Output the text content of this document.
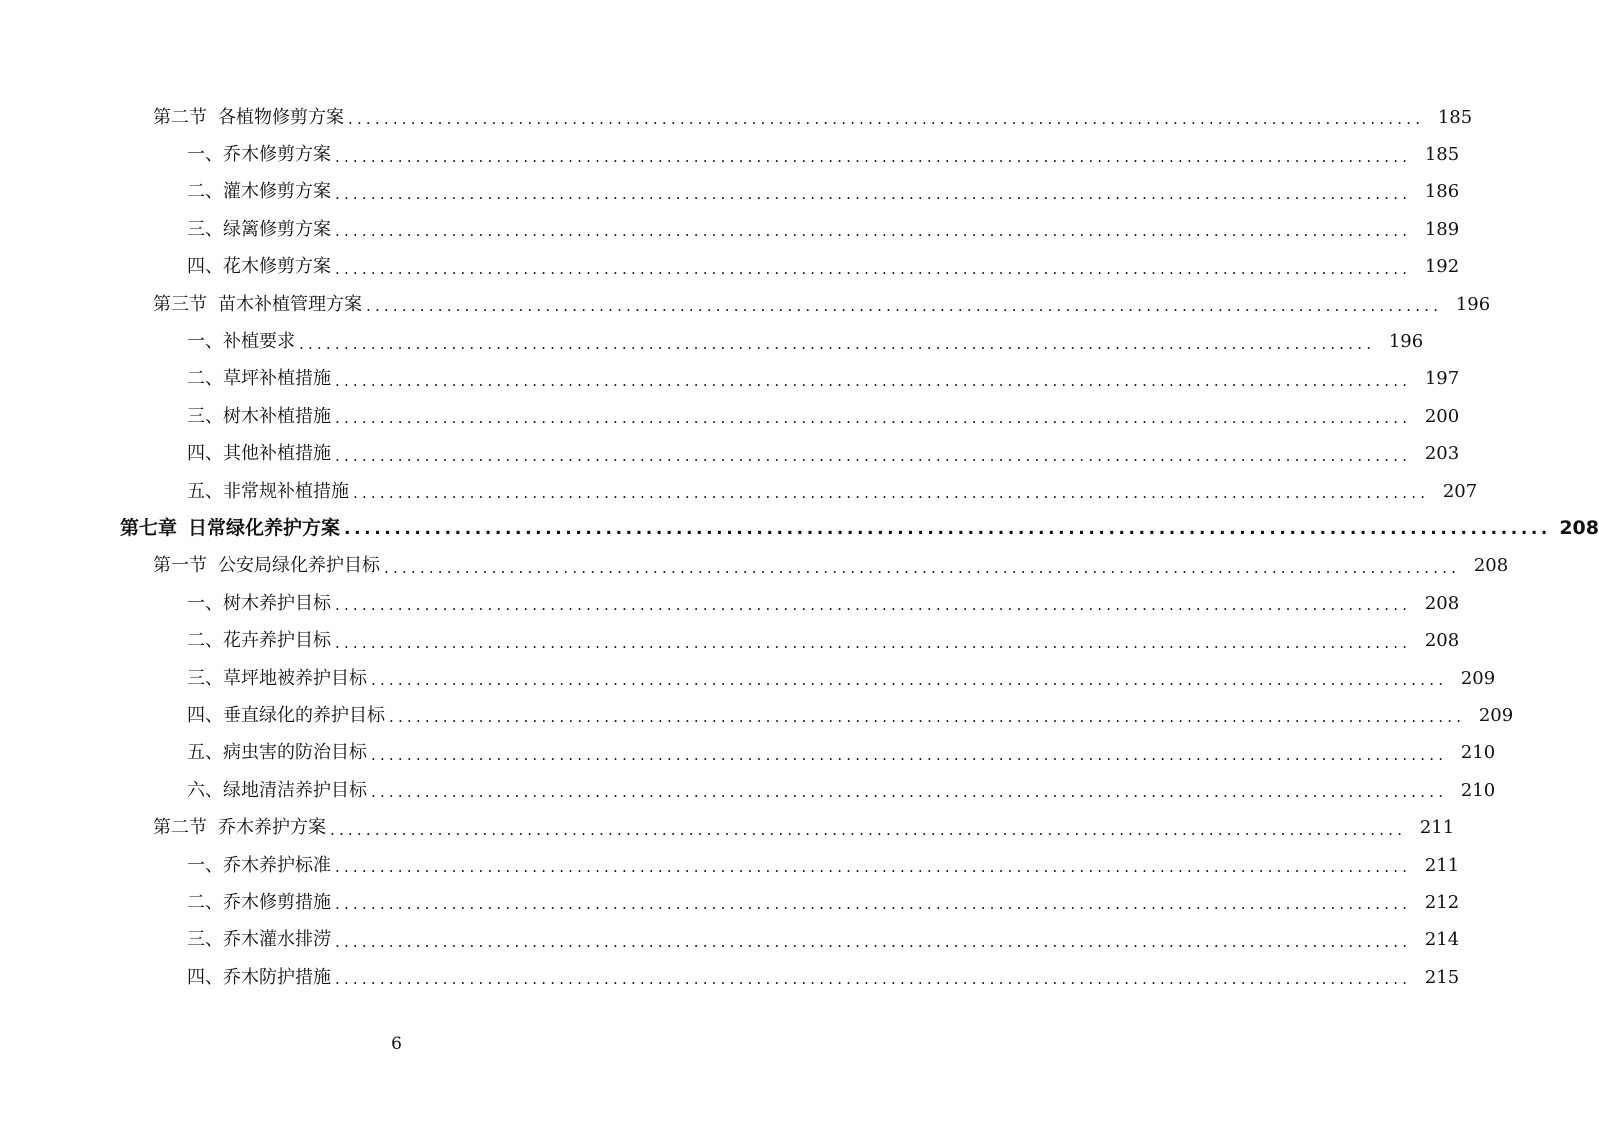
第二节 各植物修剪方案 ........................................................................................................................ 185
一、 乔木修剪方案 ........................................................................................................................ 185
二、 灌木修剪方案 ........................................................................................................................ 186
三、 绿篱修剪方案 ........................................................................................................................ 189
四、 花木修剪方案 ........................................................................................................................ 192
第三节 苗木补植管理方案 ........................................................................................................................ 196
一、 补植要求 ........................................................................................................................ 196
二、 草坪补植措施 ........................................................................................................................ 197
三、 树木补植措施 ........................................................................................................................ 200
四、 其他补植措施 ........................................................................................................................ 203
五、 非常规补植措施 ........................................................................................................................ 207
第七章 日常绿化养护方案 ........................................................................................................................ 208
第一节 公安局绿化养护目标 ........................................................................................................................ 208
一、 树木养护目标 ........................................................................................................................ 208
二、 花卉养护目标 ........................................................................................................................ 208
三、 草坪地被养护目标 ........................................................................................................................ 209
四、 垂直绿化的养护目标 ........................................................................................................................ 209
五、 病虫害的防治目标 ........................................................................................................................ 210
六、 绿地清洁养护目标 ........................................................................................................................ 210
第二节 乔木养护方案 ........................................................................................................................ 211
一、 乔木养护标准 ........................................................................................................................ 211
二、 乔木修剪措施 ........................................................................................................................ 212
三、 乔木灌水排涝 ........................................................................................................................ 214
四、 乔木防护措施 ........................................................................................................................ 215
6
